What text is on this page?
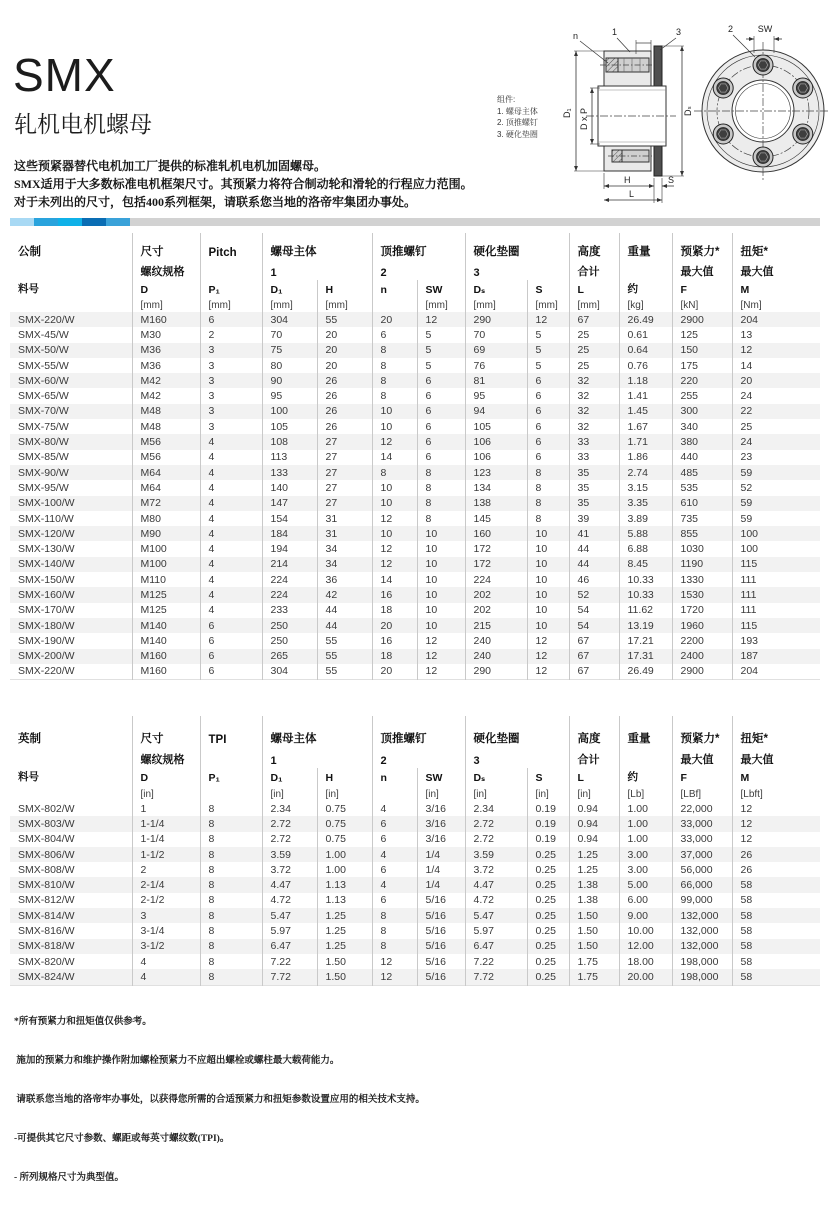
SMX
轧机电机螺母
这些预紧器替代电机加工厂提供的标准轧机电机加固螺母。
SMX适用于大多数标准电机框架尺寸。其预紧力将符合制动轮和滑轮的行程应力范围。
对于未列出的尺寸，包括400系列框架，请联系您当地的洛帝牢集团办事处。
组件:
1. 螺母主体
2. 顶推螺钉
3. 硬化垫圈
D₁ D x P	Dₛ
H	S
L
n	1	3	SW
2
公制	尺寸	Pitch	螺母主体		顶推螺钉		硬化垫圈		高度	重量	预紧力*	扭矩*
	螺纹规格		1		2		3		合计		最大值	最大值
料号	D	P₁	D₁	H	n	SW	Dₛ	S	L	约	F	M
	[mm]	[mm]	[mm]	[mm]		[mm]	[mm]	[mm]	[mm]	[kg]	[kN]	[Nm]
SMX-220/W	M160	6	304	55	20	12	290	12	67	26.49	2900	204
SMX-45/W	M30	2	70	20	6	5	70	5	25	0.61	125	13
SMX-50/W	M36	3	75	20	8	5	69	5	25	0.64	150	12
SMX-55/W	M36	3	80	20	8	5	76	5	25	0.76	175	14
SMX-60/W	M42	3	90	26	8	6	81	6	32	1.18	220	20
SMX-65/W	M42	3	95	26	8	6	95	6	32	1.41	255	24
SMX-70/W	M48	3	100	26	10	6	94	6	32	1.45	300	22
SMX-75/W	M48	3	105	26	10	6	105	6	32	1.67	340	25
SMX-80/W	M56	4	108	27	12	6	106	6	33	1.71	380	24
SMX-85/W	M56	4	113	27	14	6	106	6	33	1.86	440	23
SMX-90/W	M64	4	133	27	8	8	123	8	35	2.74	485	59
SMX-95/W	M64	4	140	27	10	8	134	8	35	3.15	535	52
SMX-100/W	M72	4	147	27	10	8	138	8	35	3.35	610	59
SMX-110/W	M80	4	154	31	12	8	145	8	39	3.89	735	59
SMX-120/W	M90	4	184	31	10	10	160	10	41	5.88	855	100
SMX-130/W	M100	4	194	34	12	10	172	10	44	6.88	1030	100
SMX-140/W	M100	4	214	34	12	10	172	10	44	8.45	1190	115
SMX-150/W	M110	4	224	36	14	10	224	10	46	10.33	1330	111
SMX-160/W	M125	4	224	42	16	10	202	10	52	10.33	1530	111
SMX-170/W	M125	4	233	44	18	10	202	10	54	11.62	1720	111
SMX-180/W	M140	6	250	44	20	10	215	10	54	13.19	1960	115
SMX-190/W	M140	6	250	55	16	12	240	12	67	17.21	2200	193
SMX-200/W	M160	6	265	55	18	12	240	12	67	17.31	2400	187
SMX-220/W	M160	6	304	55	20	12	290	12	67	26.49	2900	204
英制	尺寸	TPI	螺母主体		顶推螺钉		硬化垫圈		高度	重量	预紧力*	扭矩*
	螺纹规格		1		2		3		合计		最大值	最大值
料号	D	P₁	D₁	H	n	SW	Dₛ	S	L	约	F	M
	[in]		[in]	[in]		[in]	[in]	[in]	[in]	[Lb]	[LBf]	[Lbft]
SMX-802/W	1	8	2.34	0.75	4	3/16	2.34	0.19	0.94	1.00	22,000	12
SMX-803/W	1-1/4	8	2.72	0.75	6	3/16	2.72	0.19	0.94	1.00	33,000	12
SMX-804/W	1-1/4	8	2.72	0.75	6	3/16	2.72	0.19	0.94	1.00	33,000	12
SMX-806/W	1-1/2	8	3.59	1.00	4	1/4	3.59	0.25	1.25	3.00	37,000	26
SMX-808/W	2	8	3.72	1.00	6	1/4	3.72	0.25	1.25	3.00	56,000	26
SMX-810/W	2-1/4	8	4.47	1.13	4	1/4	4.47	0.25	1.38	5.00	66,000	58
SMX-812/W	2-1/2	8	4.72	1.13	6	5/16	4.72	0.25	1.38	6.00	99,000	58
SMX-814/W	3	8	5.47	1.25	8	5/16	5.47	0.25	1.50	9.00	132,000	58
SMX-816/W	3-1/4	8	5.97	1.25	8	5/16	5.97	0.25	1.50	10.00	132,000	58
SMX-818/W	3-1/2	8	6.47	1.25	8	5/16	6.47	0.25	1.50	12.00	132,000	58
SMX-820/W	4	8	7.22	1.50	12	5/16	7.22	0.25	1.75	18.00	198,000	58
SMX-824/W	4	8	7.72	1.50	12	5/16	7.72	0.25	1.75	20.00	198,000	58

*所有预紧力和扭矩值仅供参考。

施加的预紧力和维护操作附加螺栓预紧力不应超出螺栓或螺柱最大载荷能力。

请联系您当地的洛帝牢办事处，以获得您所需的合适预紧力和扭矩参数设置应用的相关技术支持。

-可提供其它尺寸参数、螺距或每英寸螺纹数(TPI)。

- 所列规格尺寸为典型值。
